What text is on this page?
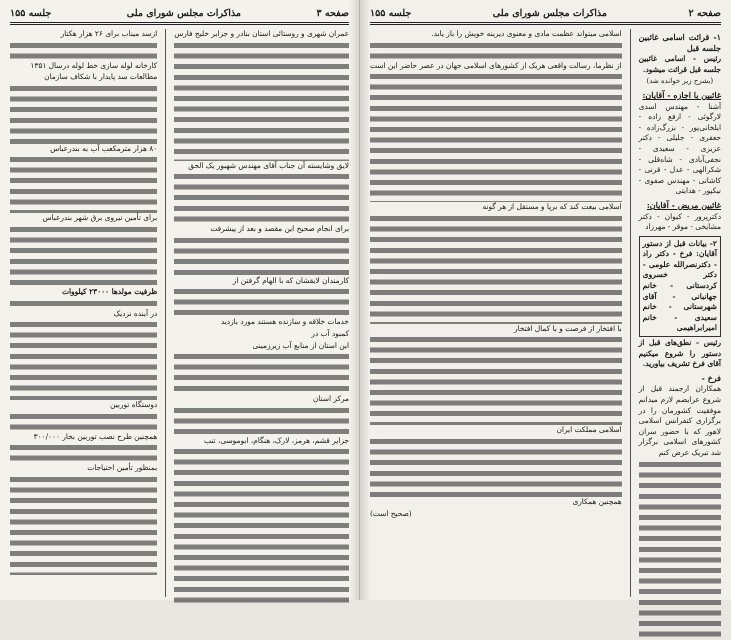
صفحه ۳
مذاکرات مجلس شورای ملی
جلسه ۱۵۵

عمران شهری و روستائی استان بنادر و جزایر خلیج فارس

لایق وشایسته آن جناب آقای مهندس شهبور یک الحق

برای انجام صحیح این مقصد و بعد از پیشرفت

کارمندان لایقشان که با الهام گرفتن از

خدمات خلاقه و سازنده هستند مورد بازدید

کمبود آب در

این استان از منابع آب زیرزمینی

مرکز استان

جزایر قشم، هرمز، لارک، هنگام، ابوموسی، تنب

ازسد میناب برای ۲۶ هزار هکتار

کارخانه لوله سازی خط لوله درسال ۱۳۵۱

مطالعات سد پایدار با شکاف سازمان

۸۰ هزار مترمکعب آب به بندرعباس

برای تأمین نیروی برق شهر بندرعباس

ظرفیت مولدها ۲۳۰۰۰ کیلووات

در آینده نزدیک

دوستگاه توربین

همچنین طرح نصب توربین بخار ۳۰۰/۰۰۰

بمنظور تأمین احتیاجات

صفحه ۲
مذاکرات مجلس شورای ملی
جلسه ۱۵۵

۱- قرائت اسامی غائبین جلسه قبل

رئیس - اسامی غائبین جلسه قبل قرائت میشود.

(بشرح زیر خوانده شد)

غائبین با اجازه - آقایان:

آشنا - مهندس اسدی لارگوئی - ارفع زاده - ایلخانی‌پور - بزرگ‌زاده - جعفری - جلیلی - دکتر عزیزی - سعیدی - نجفی‌آبادی - شاه‌قلی - شکرالهی - عدل - قرنی - کاشانی - مهندس صفوی - نیکپور - هدایتی

غائبین مریض - آقایان:

دکترپرور - کیوان - دکتر مشایخی - موقر - مهرزاد

۲- بیانات قبل از دستور آقایان: فرخ - دکتر راد - دکترنصرالله علومی - دکتر خسروی کردستانی - خانم جهانبانی - آقای شهرستانی - خانم سعیدی - خانم امیرابراهیمی

رئیس - نطق‌های قبل از دستور را شروع میکنیم آقای فرخ تشریف بیاورید.

فرخ -

همکاران ارجمند قبل از شروع عرایضم لازم میدانم موفقیت کشورمان را در برگزاری کنفرانس اسلامی لاهور که با حضور سران کشورهای اسلامی برگزار شد تبریک عرض کنم

اسلامی میتواند عظمت مادی و معنوی دیرینه خویش را باز یابد.

از نظرما، رسالت واقعی هریک از کشورهای اسلامی جهان در عصر حاضر این است

اسلامی بیعت کند که برپا و مستقل از هر گونه

با افتخار از فرصت و با کمال افتخار

اسلامی مملکت ایران

همچنین همکاری

(صحیح است)
